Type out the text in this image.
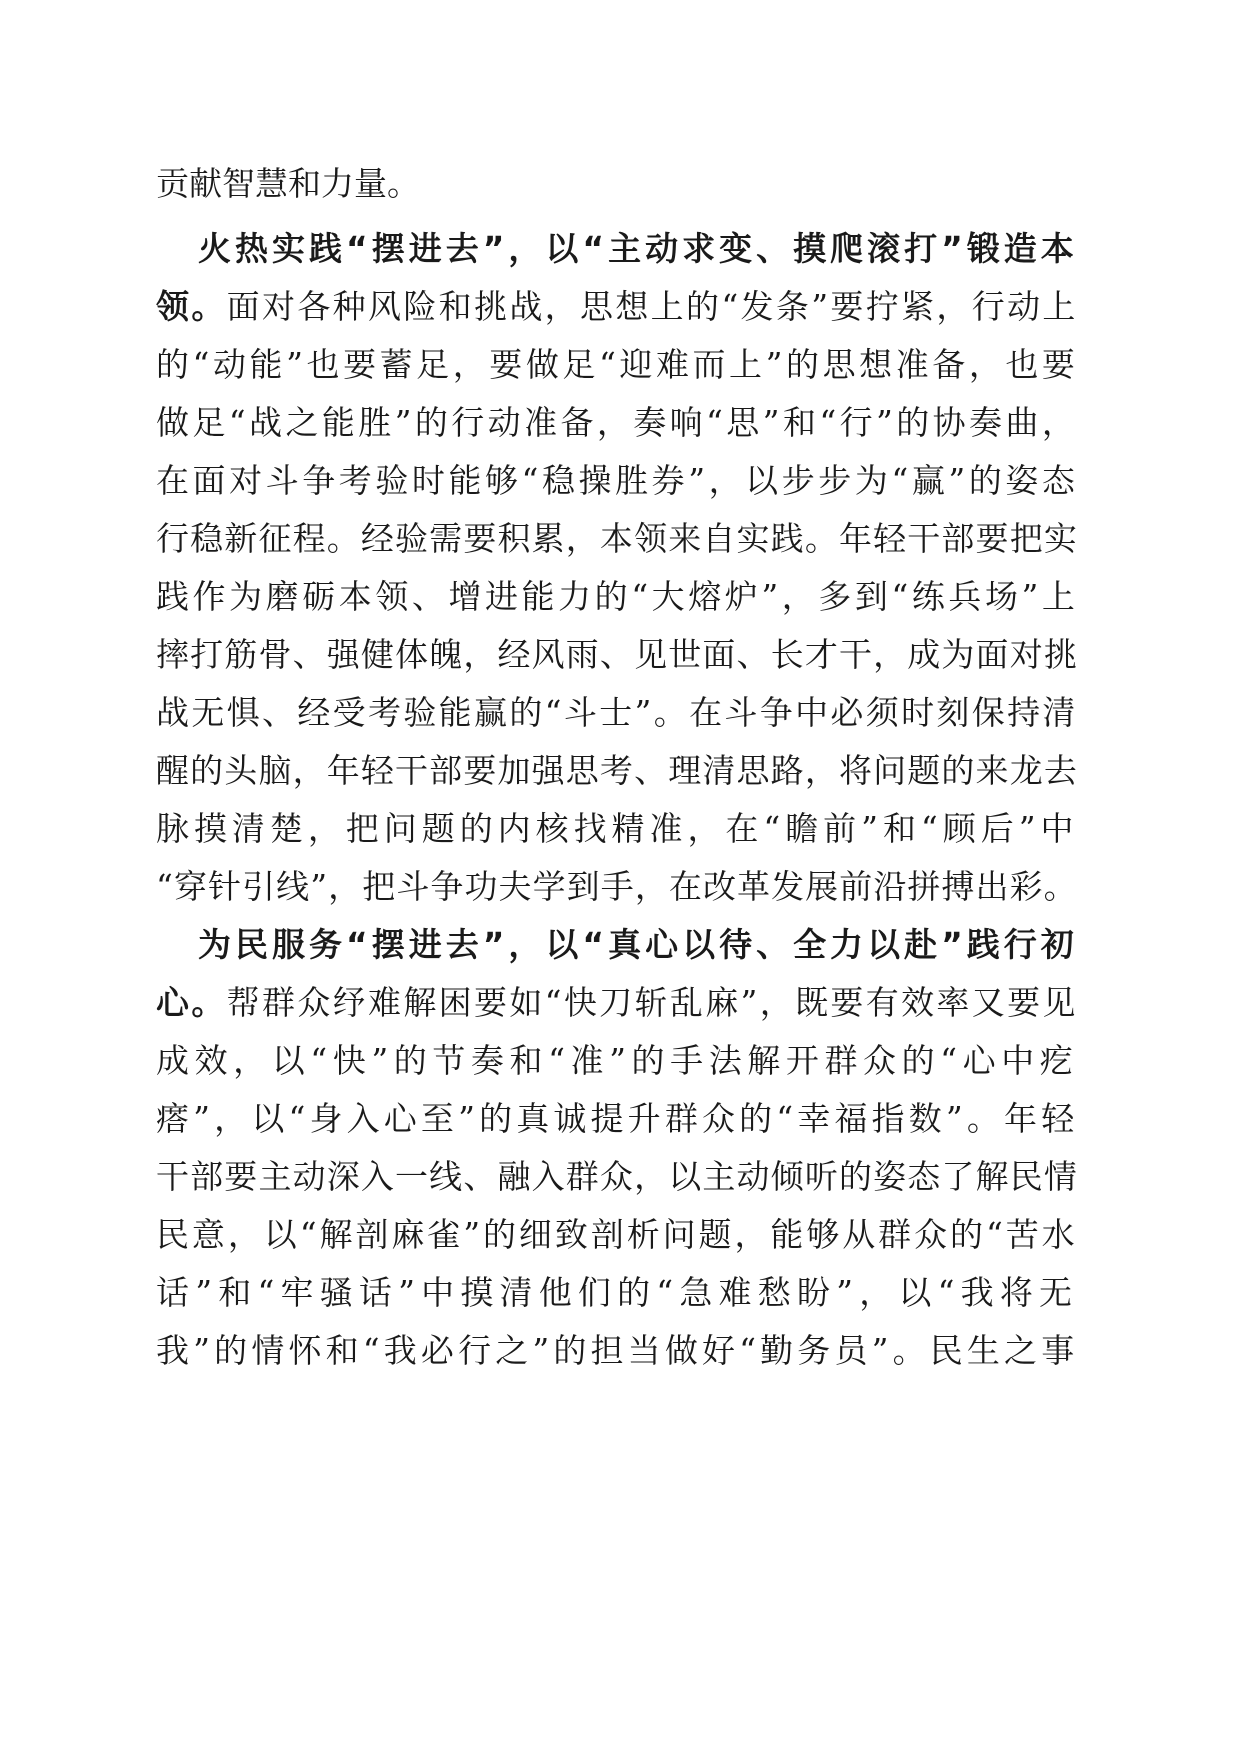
贡献智慧和力量。
火热实践“摆进去”，以“主动求变、摸爬滚打”锻造本
领。面对各种风险和挑战，思想上的“发条”要拧紧，行动上
的“动能”也要蓄足，要做足“迎难而上”的思想准备，也要
做足“战之能胜”的行动准备，奏响“思”和“行”的协奏曲，
在面对斗争考验时能够“稳操胜券”，以步步为“赢”的姿态
行稳新征程。经验需要积累，本领来自实践。年轻干部要把实
践作为磨砺本领、增进能力的“大熔炉”，多到“练兵场”上
摔打筋骨、强健体魄，经风雨、见世面、长才干，成为面对挑
战无惧、经受考验能赢的“斗士”。在斗争中必须时刻保持清
醒的头脑，年轻干部要加强思考、理清思路，将问题的来龙去
脉摸清楚，把问题的内核找精准，在“瞻前”和“顾后”中
“穿针引线”，把斗争功夫学到手，在改革发展前沿拼搏出彩。
为民服务“摆进去”，以“真心以待、全力以赴”践行初
心。帮群众纾难解困要如“快刀斩乱麻”，既要有效率又要见
成效，以“快”的节奏和“准”的手法解开群众的“心中疙
瘩”，以“身入心至”的真诚提升群众的“幸福指数”。年轻
干部要主动深入一线、融入群众，以主动倾听的姿态了解民情
民意，以“解剖麻雀”的细致剖析问题，能够从群众的“苦水
话”和“牢骚话”中摸清他们的“急难愁盼”，以“我将无
我”的情怀和“我必行之”的担当做好“勤务员”。民生之事
